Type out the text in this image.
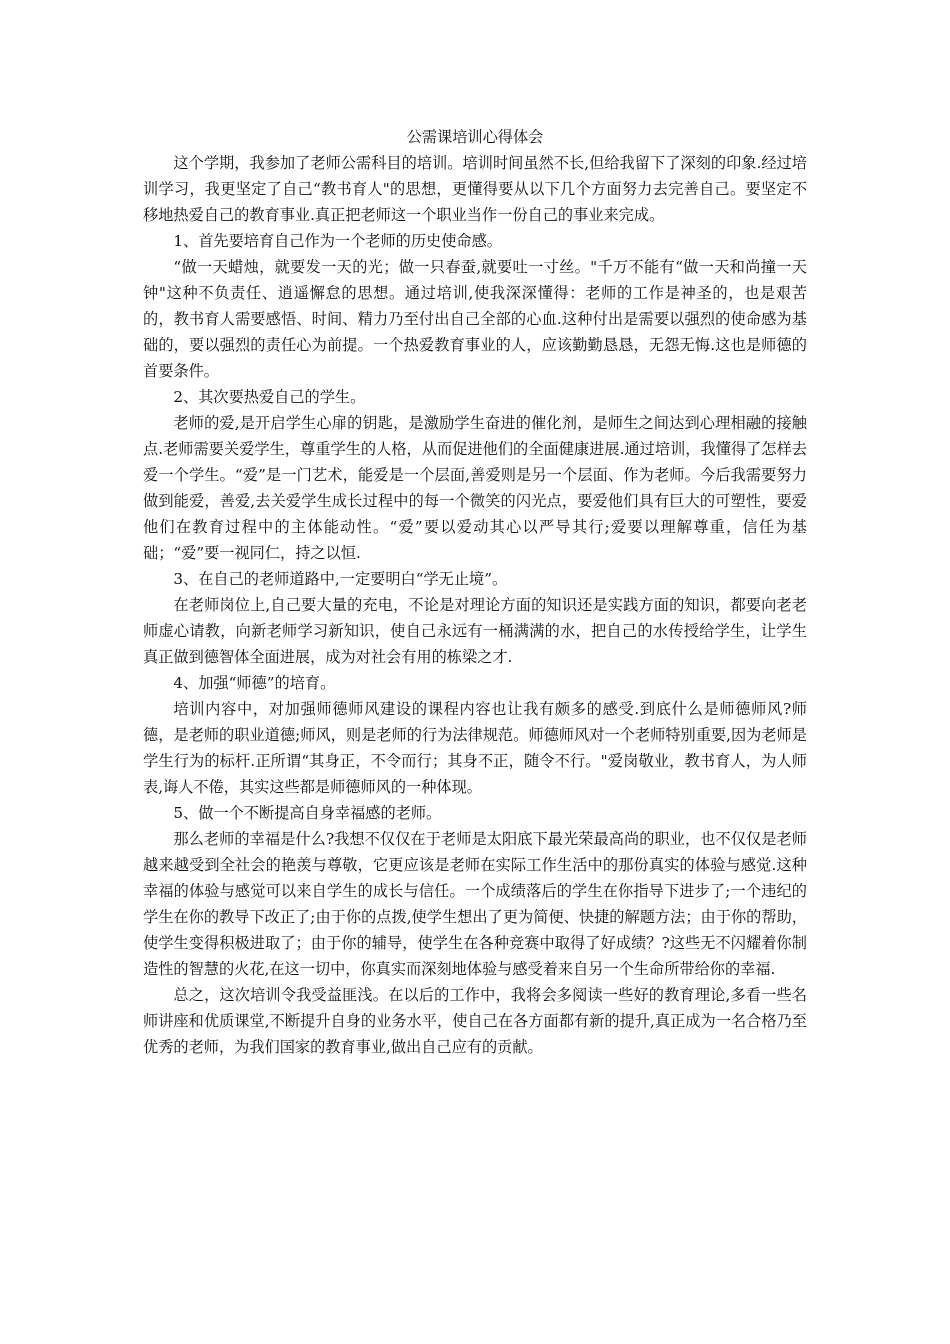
公需课培训心得体会

这个学期，我参加了老师公需科目的培训。培训时间虽然不长,但给我留下了深刻的印象.经过培训学习，我更坚定了自己“教书育人"的思想，更懂得要从以下几个方面努力去完善自己。要坚定不移地热爱自己的教育事业.真正把老师这一个职业当作一份自己的事业来完成。

1、首先要培育自己作为一个老师的历史使命感。

“做一天蜡烛，就要发一天的光；做一只春蚕,就要吐一寸丝。"千万不能有“做一天和尚撞一天钟"这种不负责任、逍遥懈怠的思想。通过培训,使我深深懂得：老师的工作是神圣的，也是艰苦的，教书育人需要感悟、时间、精力乃至付出自己全部的心血.这种付出是需要以强烈的使命感为基础的，要以强烈的责任心为前提。一个热爱教育事业的人，应该勤勤恳恳，无怨无悔.这也是师德的首要条件。

2、其次要热爱自己的学生。

老师的爱,是开启学生心扉的钥匙，是激励学生奋进的催化剂，是师生之间达到心理相融的接触点.老师需要关爱学生，尊重学生的人格，从而促进他们的全面健康进展.通过培训，我懂得了怎样去爱一个学生。“爱”是一门艺术，能爱是一个层面,善爱则是另一个层面、作为老师。今后我需要努力做到能爱，善爱,去关爱学生成长过程中的每一个微笑的闪光点，要爱他们具有巨大的可塑性，要爱他们在教育过程中的主体能动性。“爱”要以爱动其心以严导其行;爱要以理解尊重，信任为基础；“爱”要一视同仁，持之以恒.

3、在自己的老师道路中,一定要明白“学无止境”。

在老师岗位上,自己要大量的充电，不论是对理论方面的知识还是实践方面的知识，都要向老老师虚心请教，向新老师学习新知识，使自己永远有一桶满满的水，把自己的水传授给学生，让学生真正做到德智体全面进展，成为对社会有用的栋梁之才.

4、加强“师德”的培育。

培训内容中，对加强师德师风建设的课程内容也让我有颇多的感受.到底什么是师德师风?师德，是老师的职业道德;师风，则是老师的行为法律规范。师德师风对一个老师特别重要,因为老师是学生行为的标杆.正所谓“其身正，不令而行；其身不正，随令不行。"爱岗敬业，教书育人，为人师表,诲人不倦，其实这些都是师德师风的一种体现。

5、做一个不断提高自身幸福感的老师。

那么老师的幸福是什么?我想不仅仅在于老师是太阳底下最光荣最高尚的职业，也不仅仅是老师越来越受到全社会的艳羡与尊敬，它更应该是老师在实际工作生活中的那份真实的体验与感觉.这种幸福的体验与感觉可以来自学生的成长与信任。一个成绩落后的学生在你指导下进步了;一个违纪的学生在你的教导下改正了;由于你的点拨,使学生想出了更为简便、快捷的解题方法；由于你的帮助，使学生变得积极进取了；由于你的辅导，使学生在各种竞赛中取得了好成绩？?这些无不闪耀着你制造性的智慧的火花,在这一切中，你真实而深刻地体验与感受着来自另一个生命所带给你的幸福.

总之，这次培训令我受益匪浅。在以后的工作中，我将会多阅读一些好的教育理论,多看一些名师讲座和优质课堂,不断提升自身的业务水平，使自己在各方面都有新的提升,真正成为一名合格乃至优秀的老师，为我们国家的教育事业,做出自己应有的贡献。
